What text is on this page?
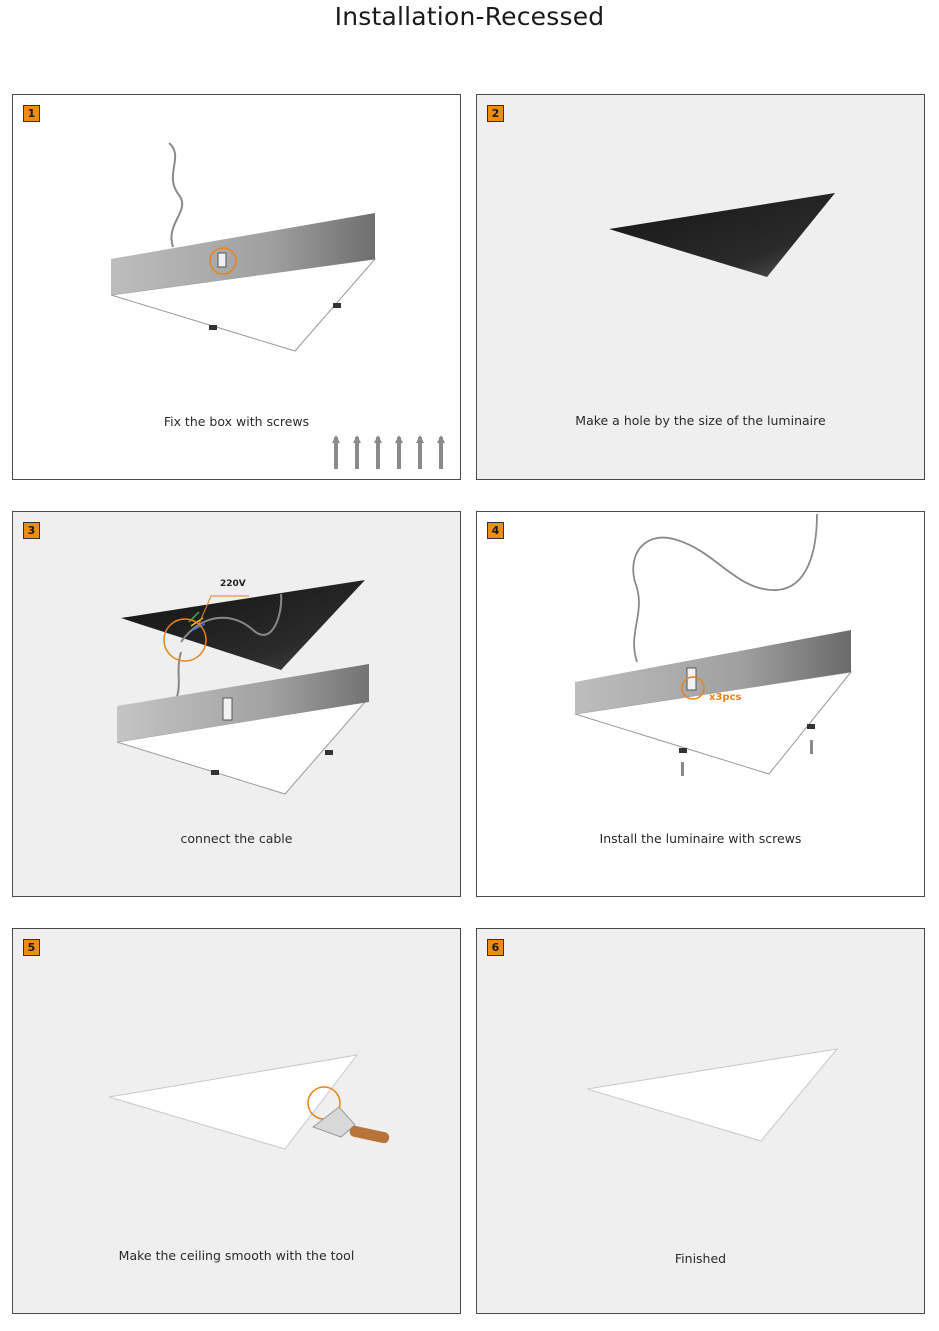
Installation-Recessed
1
Fix the box with screws
2
Make a hole by the size of the luminaire
3
220V
connect the cable
4
x3pcs
Install the luminaire with screws
5
Make the ceiling smooth with the tool
6
Finished
